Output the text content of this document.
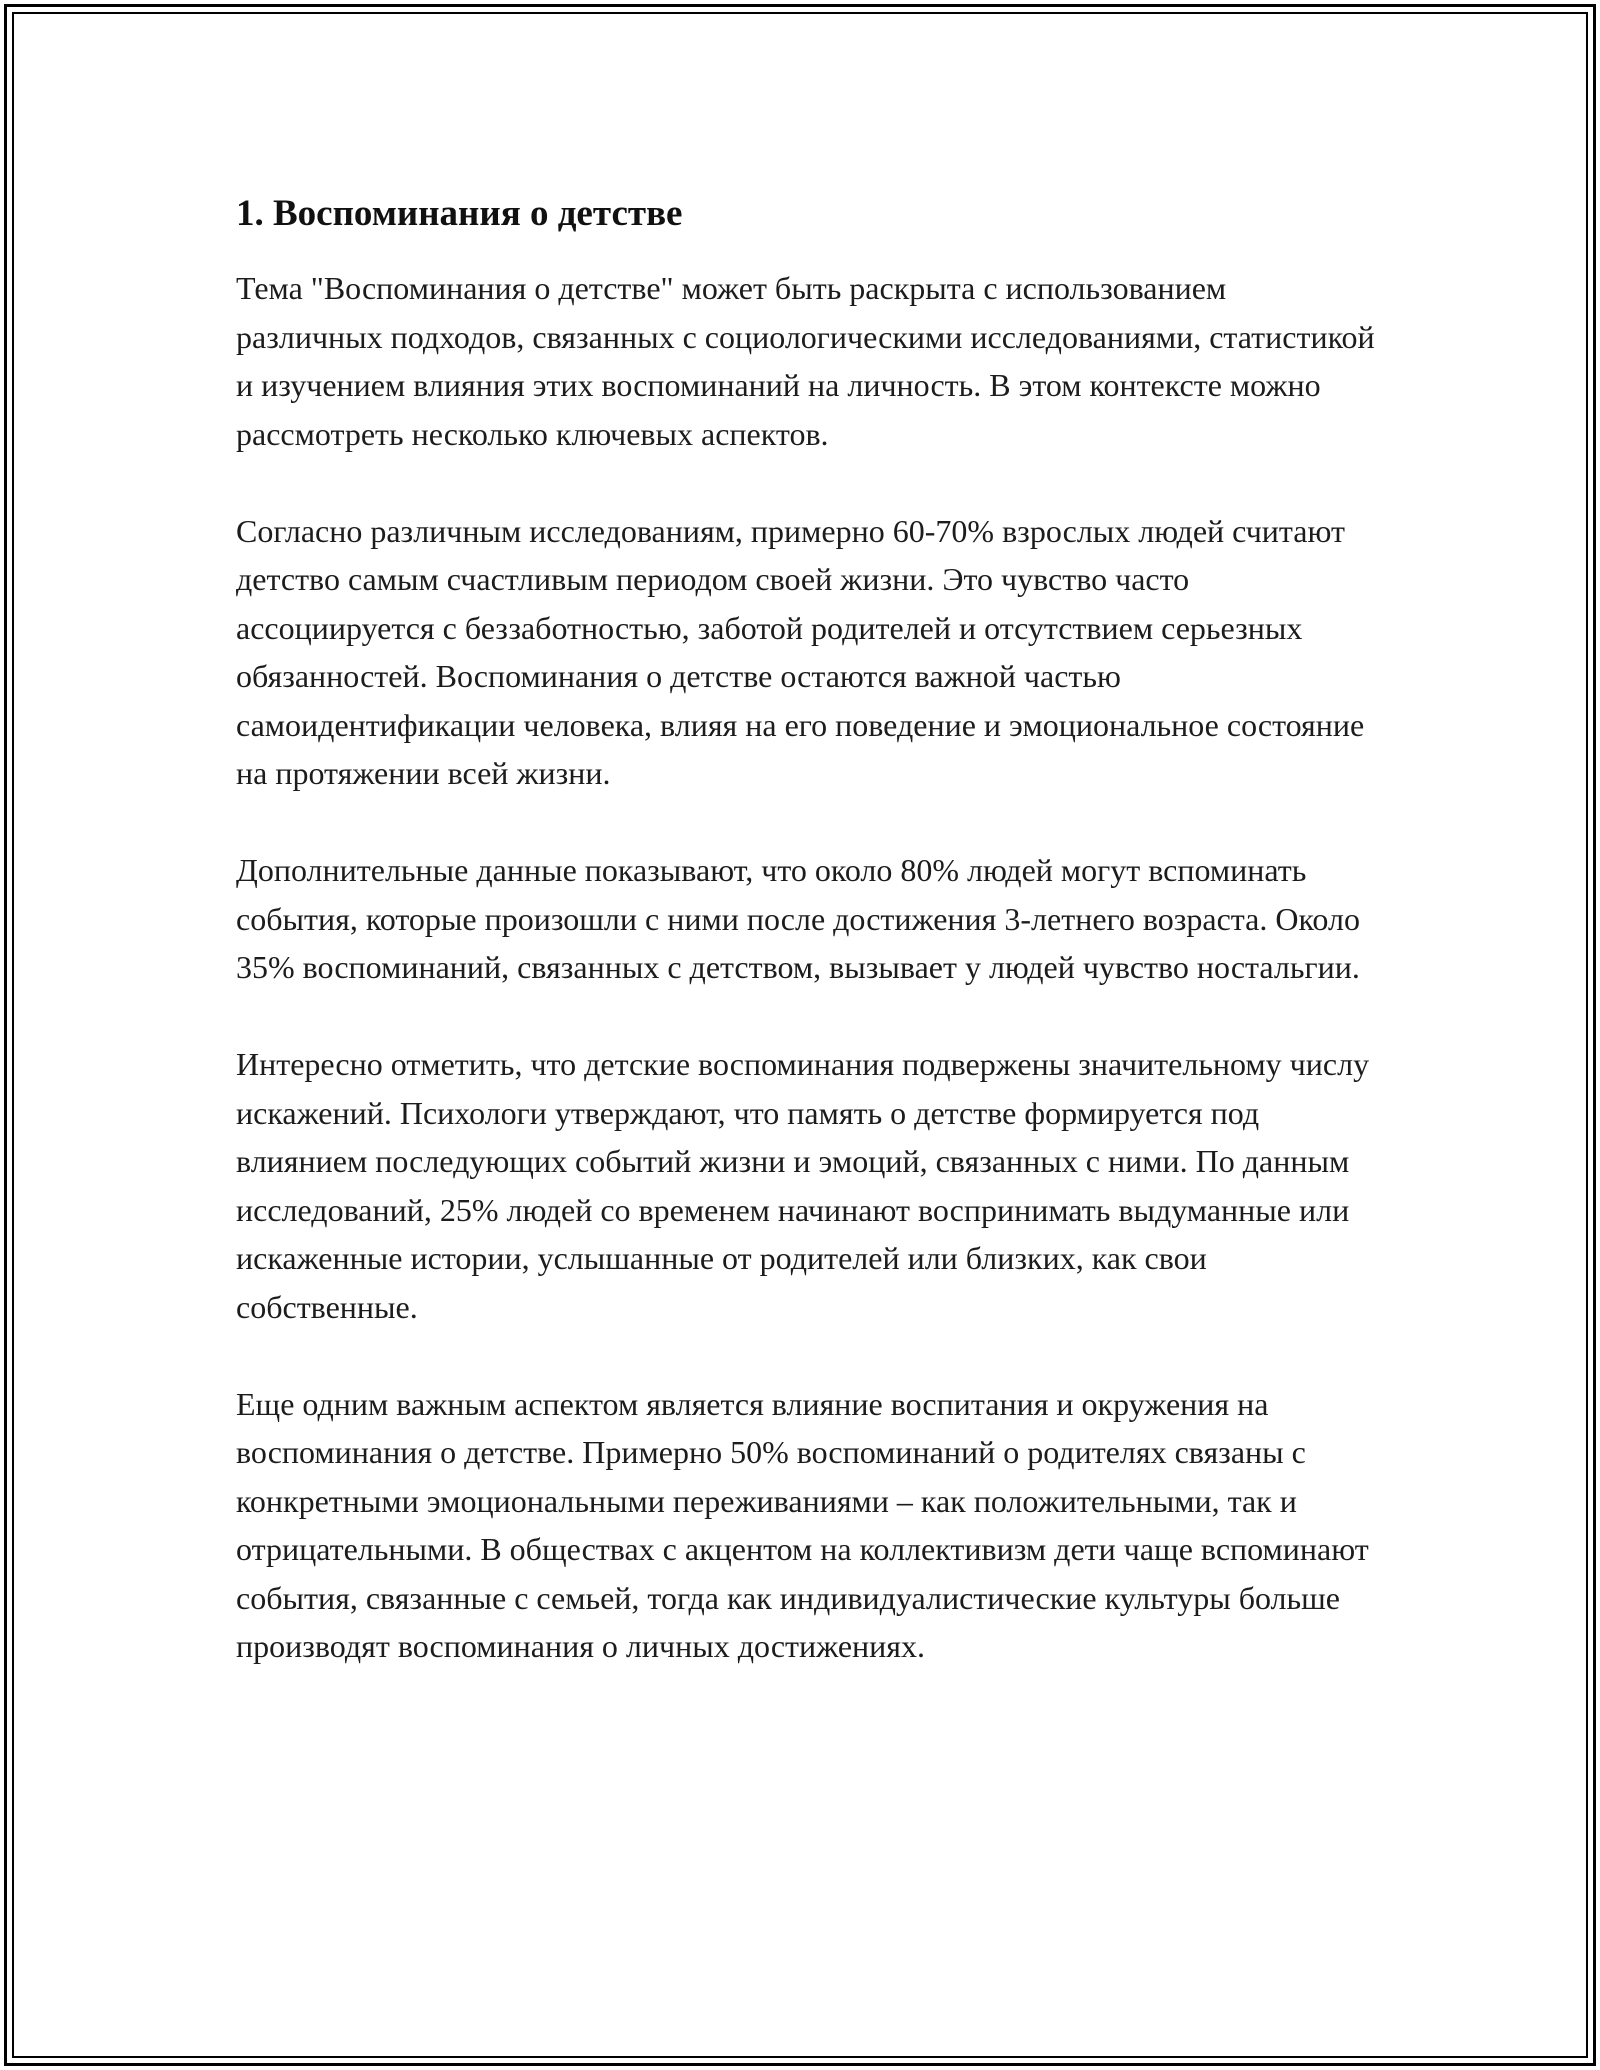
1. Воспоминания о детстве

Тема "Воспоминания о детстве" может быть раскрыта с использованием различных подходов, связанных с социологическими исследованиями, статистикой и изучением влияния этих воспоминаний на личность. В этом контексте можно рассмотреть несколько ключевых аспектов.

Согласно различным исследованиям, примерно 60-70% взрослых людей считают детство самым счастливым периодом своей жизни. Это чувство часто ассоциируется с беззаботностью, заботой родителей и отсутствием серьезных обязанностей. Воспоминания о детстве остаются важной частью самоидентификации человека, влияя на его поведение и эмоциональное состояние на протяжении всей жизни.

Дополнительные данные показывают, что около 80% людей могут вспоминать события, которые произошли с ними после достижения 3-летнего возраста. Около 35% воспоминаний, связанных с детством, вызывает у людей чувство ностальгии.

Интересно отметить, что детские воспоминания подвержены значительному числу искажений. Психологи утверждают, что память о детстве формируется под влиянием последующих событий жизни и эмоций, связанных с ними. По данным исследований, 25% людей со временем начинают воспринимать выдуманные или искаженные истории, услышанные от родителей или близких, как свои собственные.

Еще одним важным аспектом является влияние воспитания и окружения на воспоминания о детстве. Примерно 50% воспоминаний о родителях связаны с конкретными эмоциональными переживаниями – как положительными, так и отрицательными. В обществах с акцентом на коллективизм дети чаще вспоминают события, связанные с семьей, тогда как индивидуалистические культуры больше производят воспоминания о личных достижениях.
